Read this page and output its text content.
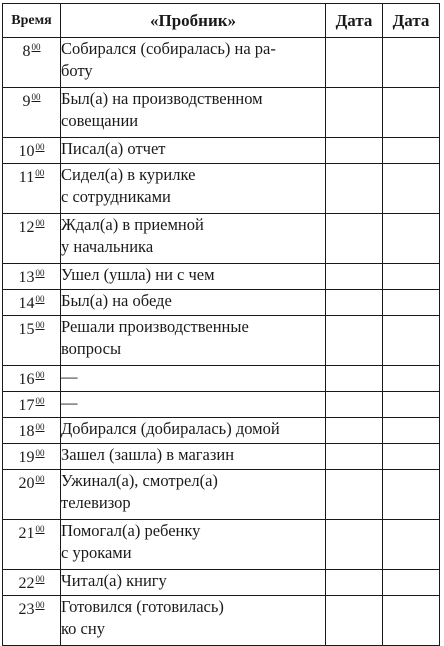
Время	«Пробник»	Дата	Дата
$8^{00}$	Собирался (собиралась) на ра-
боту		
$9^{00}$	Был(а) на производственном
совещании		
$10^{00}$	Писал(а) отчет		
$11^{00}$	Сидел(а) в курилке
с сотрудниками		
$12^{00}$	Ждал(а) в приемной
у начальника		
$13^{00}$	Ушел (ушла) ни с чем		
$14^{00}$	Был(а) на обеде		
$15^{00}$	Решали производственные
вопросы		
$16^{00}$	—		
$17^{00}$	—		
$18^{00}$	Добирался (добиралась) домой		
$19^{00}$	Зашел (зашла) в магазин		
$20^{00}$	Ужинал(а), смотрел(а)
телевизор		
$21^{00}$	Помогал(а) ребенку
с уроками		
$22^{00}$	Читал(а) книгу		
$23^{00}$	Готовился (готовилась)
ко сну		
